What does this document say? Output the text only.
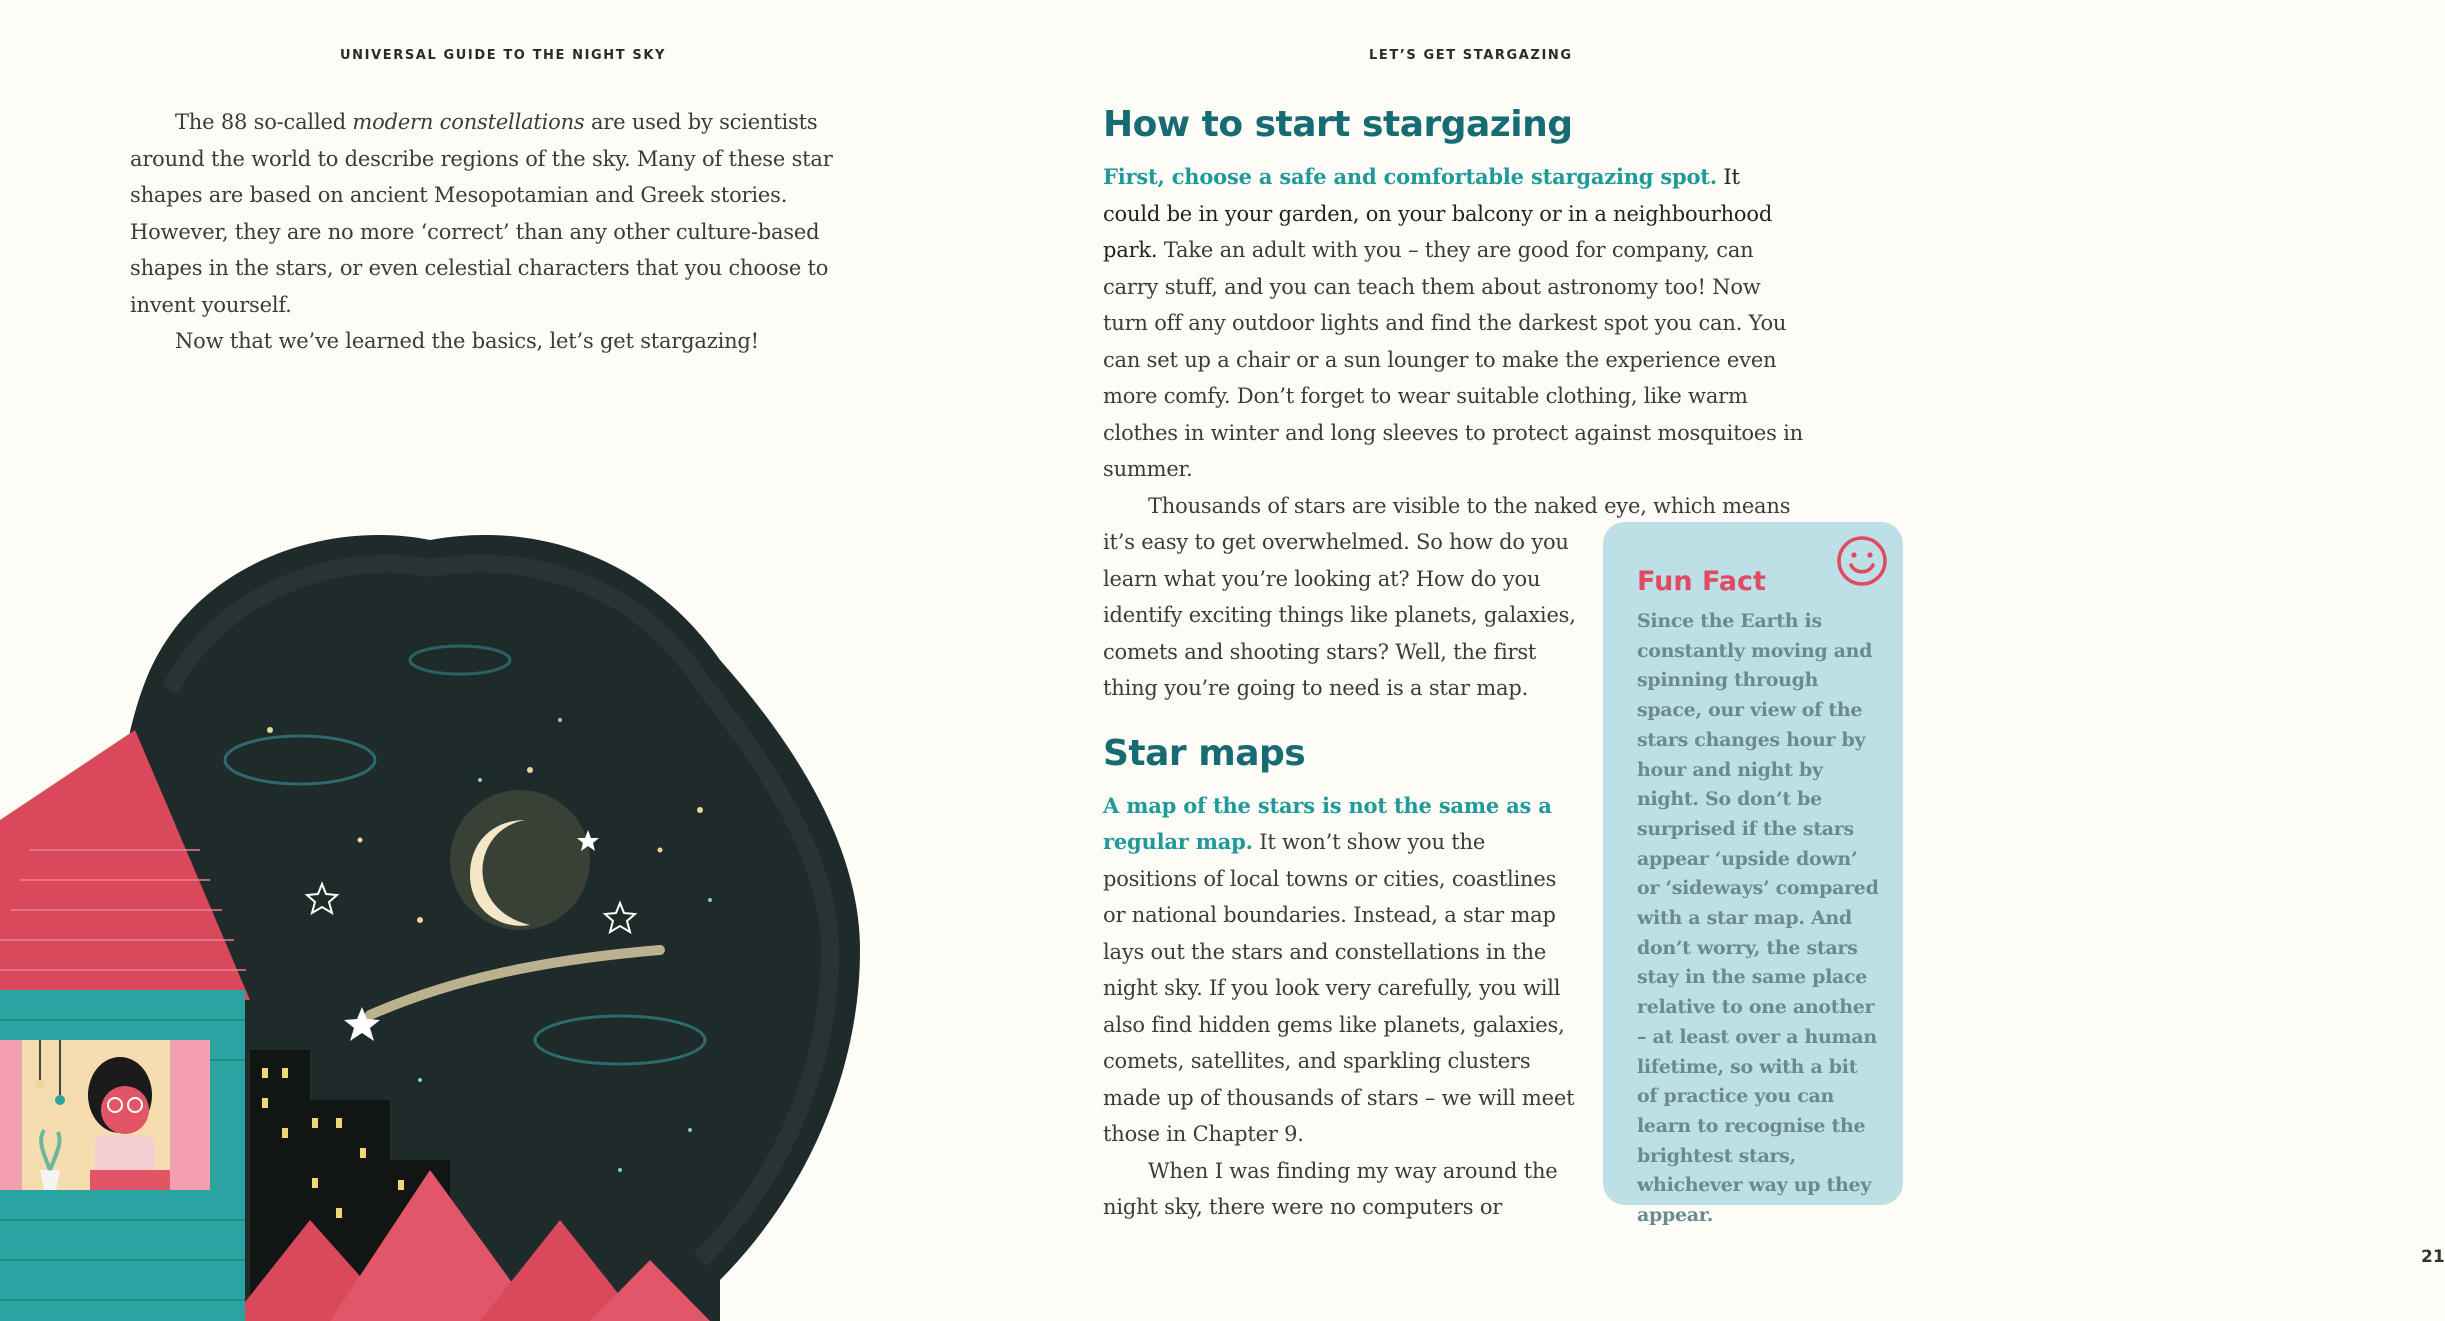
UNIVERSAL GUIDE TO THE NIGHT SKY

The 88 so-called modern constellations are used by scientists around the world to describe regions of the sky. Many of these star shapes are based on ancient Mesopotamian and Greek stories. However, they are no more ‘correct’ than any other culture-based shapes in the stars, or even celestial characters that you choose to invent yourself.

Now that we’ve learned the basics, let’s get stargazing!

LET’S GET STARGAZING
How to start stargazing

First, choose a safe and comfortable stargazing spot. It could be in your garden, on your balcony or in a neighbourhood park. Take an adult with you – they are good for company, can carry stuff, and you can teach them about astronomy too! Now turn off any outdoor lights and find the darkest spot you can. You can set up a chair or a sun lounger to make the experience even more comfy. Don’t forget to wear suitable clothing, like warm clothes in winter and long sleeves to protect against mosquitoes in summer.

Thousands of stars are visible to the naked eye, which means

it’s easy to get overwhelmed. So how do you learn what you’re looking at? How do you identify exciting things like planets, galaxies, comets and shooting stars? Well, the first thing you’re going to need is a star map.

Star maps

A map of the stars is not the same as a regular map. It won’t show you the positions of local towns or cities, coastlines or national boundaries. Instead, a star map lays out the stars and constellations in the night sky. If you look very carefully, you will also find hidden gems like planets, galaxies, comets, satellites, and sparkling clusters made up of thousands of stars – we will meet those in Chapter 9.

When I was finding my way around the night sky, there were no computers or

21
Fun Fact

Since the Earth is constantly moving and spinning through space, our view of the stars changes hour by hour and night by night. So don’t be surprised if the stars appear ‘upside down’ or ‘sideways’ compared with a star map. And don’t worry, the stars stay in the same place relative to one another – at least over a human lifetime, so with a bit of practice you can learn to recognise the brightest stars, whichever way up they appear.
